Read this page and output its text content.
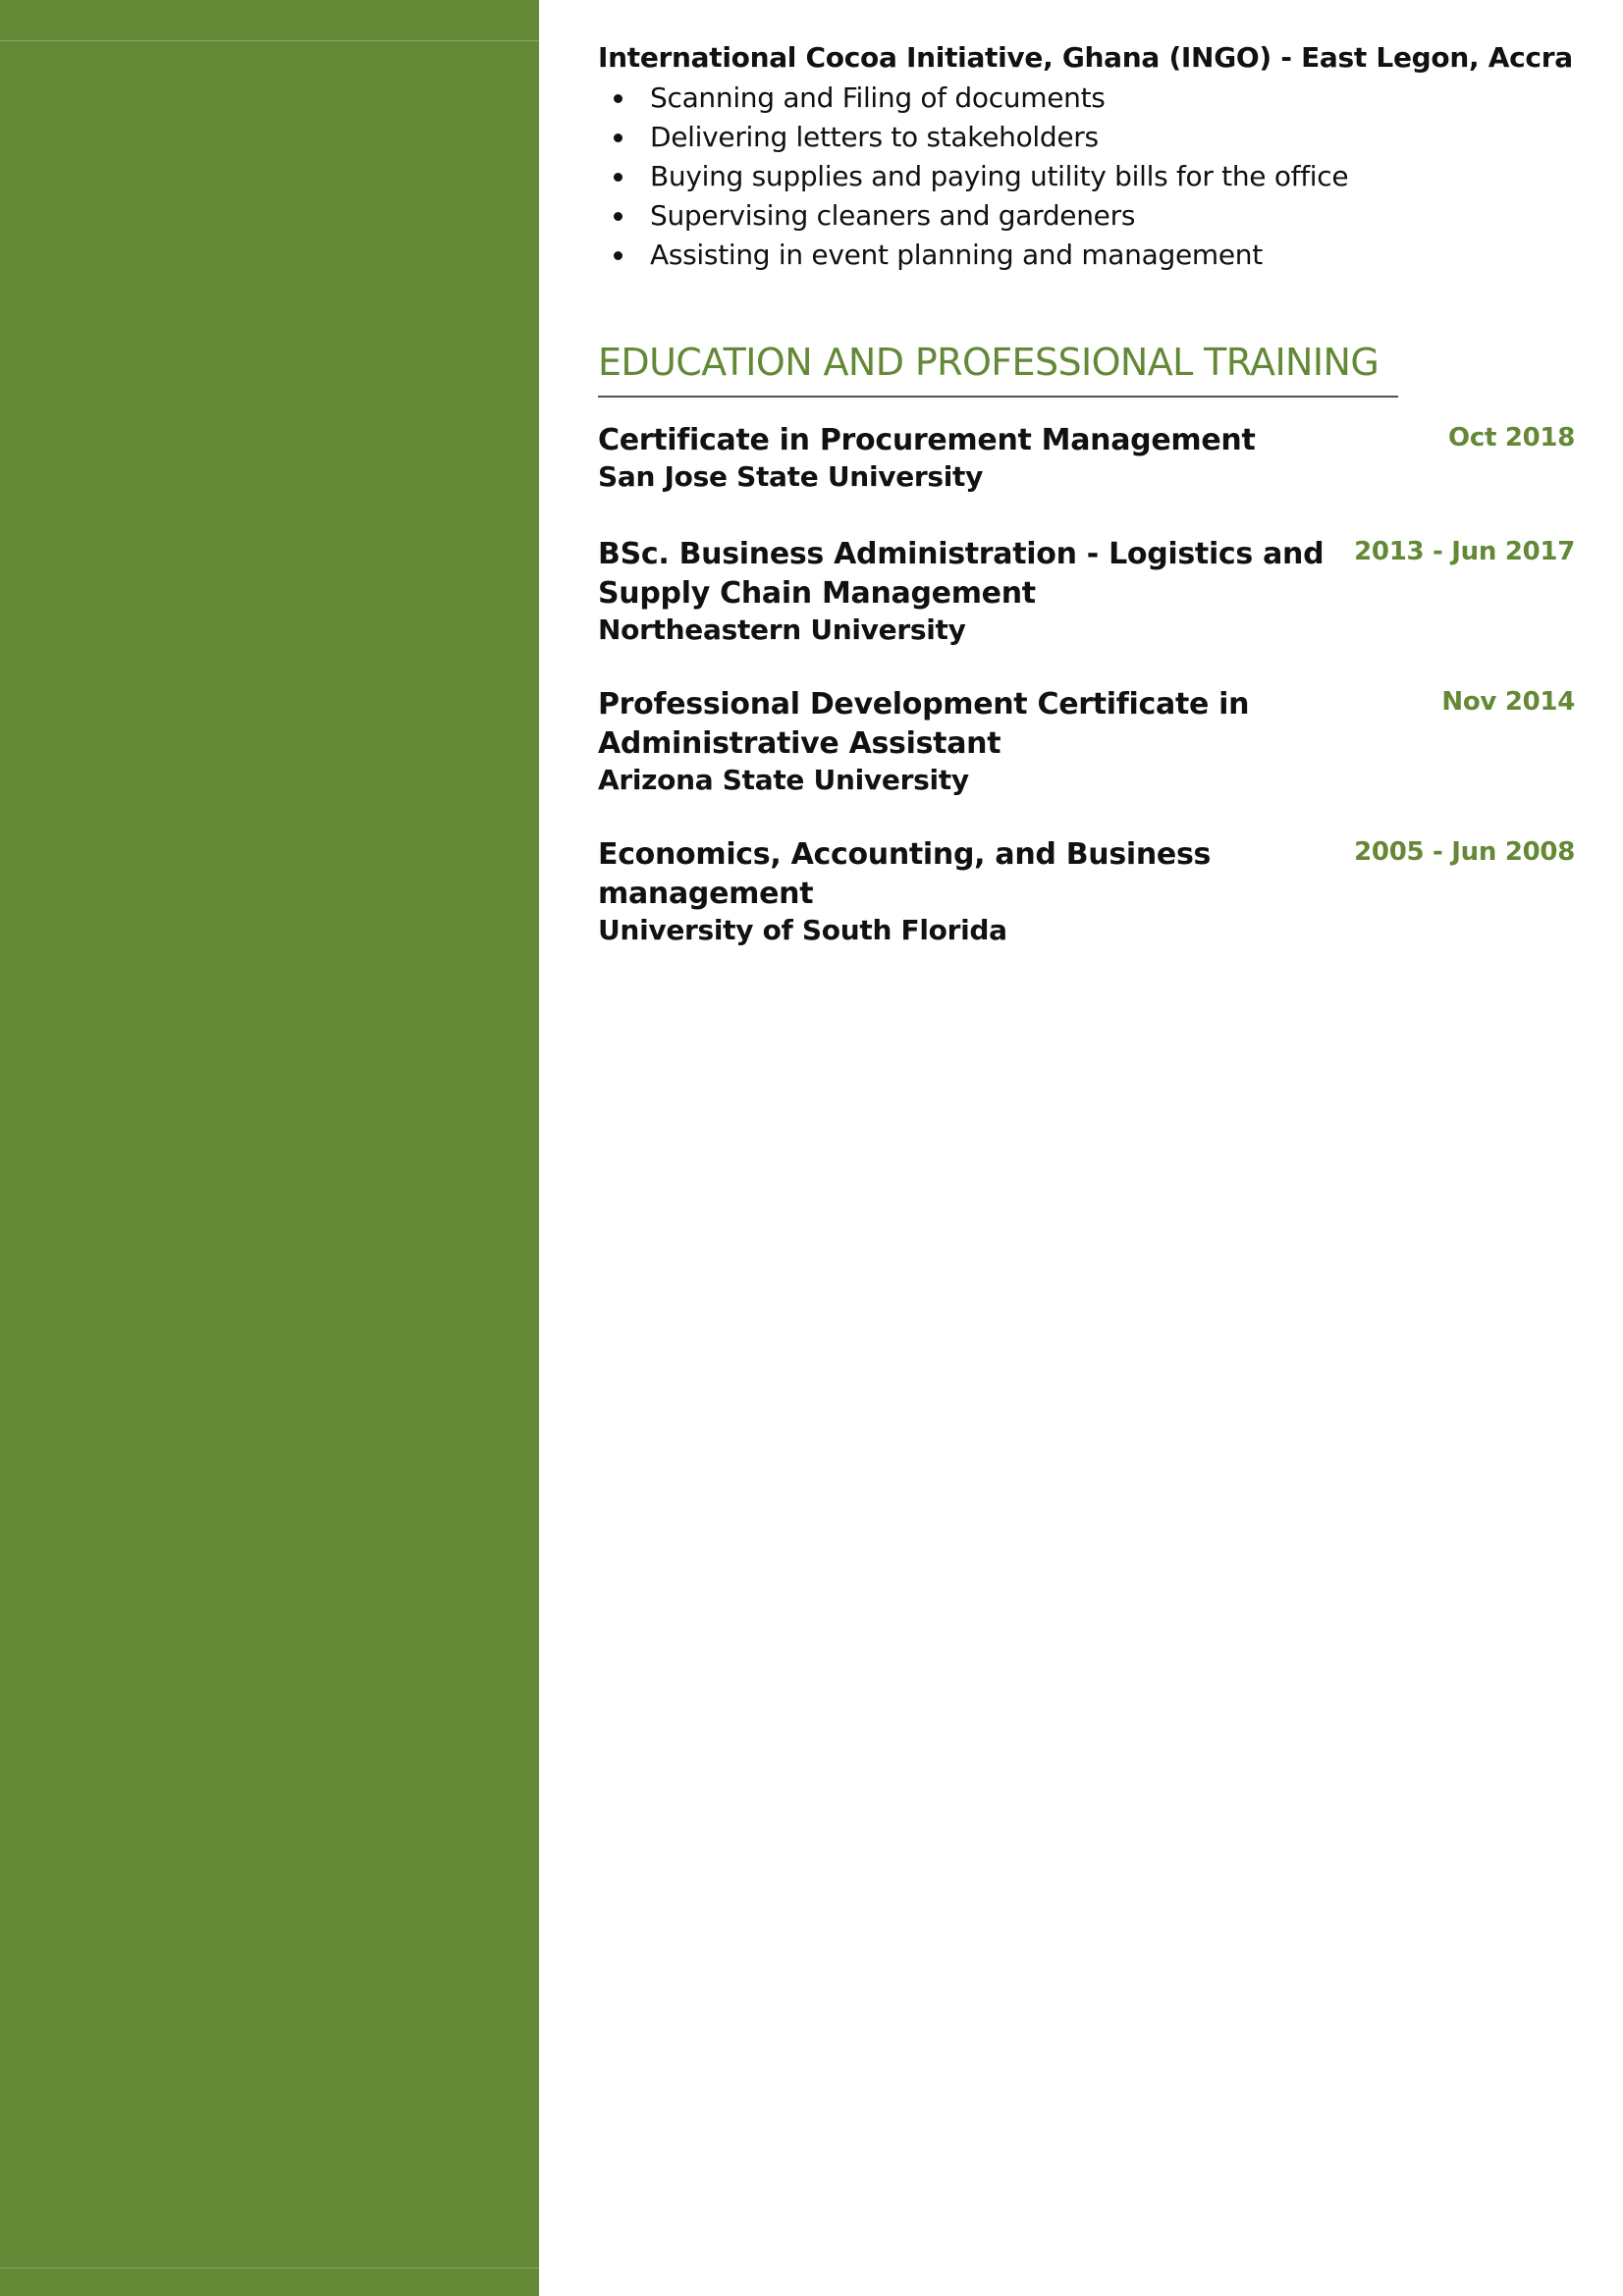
International Cocoa Initiative, Ghana (INGO) - East Legon, Accra
Scanning and Filing of documents
Delivering letters to stakeholders
Buying supplies and paying utility bills for the office
Supervising cleaners and gardeners
Assisting in event planning and management
EDUCATION AND PROFESSIONAL TRAINING
Certificate in Procurement Management
San Jose State University
Oct 2018
BSc. Business Administration - Logistics and Supply Chain Management
Northeastern University
2013 - Jun 2017
Professional Development Certificate in Administrative Assistant
Arizona State University
Nov 2014
Economics, Accounting, and Business management
University of South Florida
2005 - Jun 2008
